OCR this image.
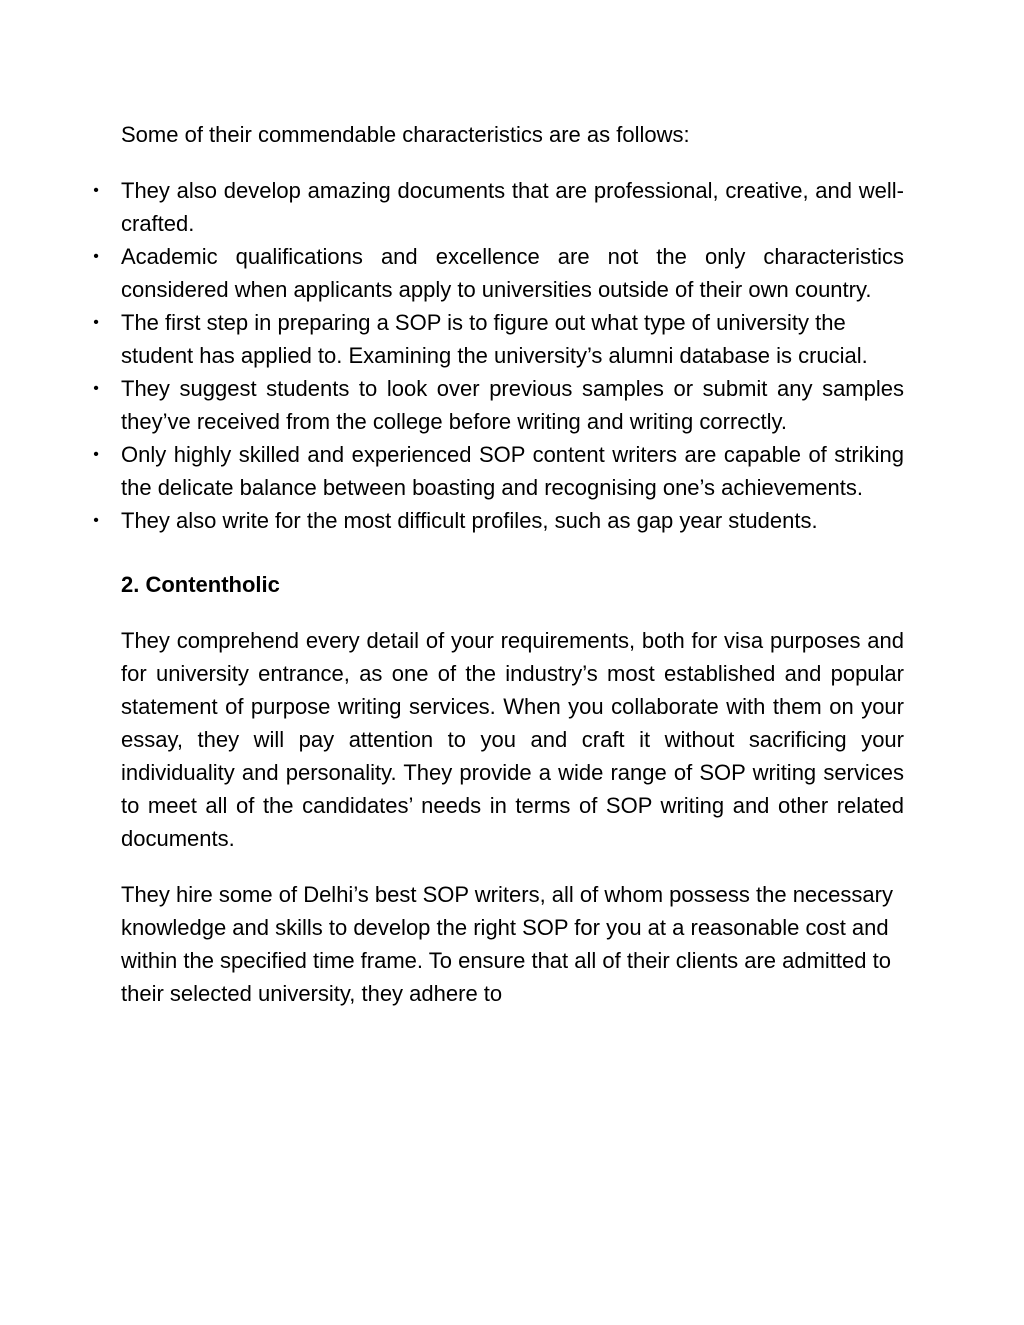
Some of their commendable characteristics are as follows:

• They also develop amazing documents that are professional, creative, and well-crafted.
• Academic qualifications and excellence are not the only characteristics considered when applicants apply to universities outside of their own country.
• The first step in preparing a SOP is to figure out what type of university the student has applied to. Examining the university’s alumni database is crucial.
• They suggest students to look over previous samples or submit any samples they’ve received from the college before writing and writing correctly.
• Only highly skilled and experienced SOP content writers are capable of striking the delicate balance between boasting and recognising one’s achievements.
• They also write for the most difficult profiles, such as gap year students.
2. Contentholic

They comprehend every detail of your requirements, both for visa purposes and for university entrance, as one of the industry’s most established and popular statement of purpose writing services. When you collaborate with them on your essay, they will pay attention to you and craft it without sacrificing your individuality and personality. They provide a wide range of SOP writing services to meet all of the candidates’ needs in terms of SOP writing and other related documents.

They hire some of Delhi’s best SOP writers, all of whom possess the necessary knowledge and skills to develop the right SOP for you at a reasonable cost and within the specified time frame. To ensure that all of their clients are admitted to their selected university, they adhere to
